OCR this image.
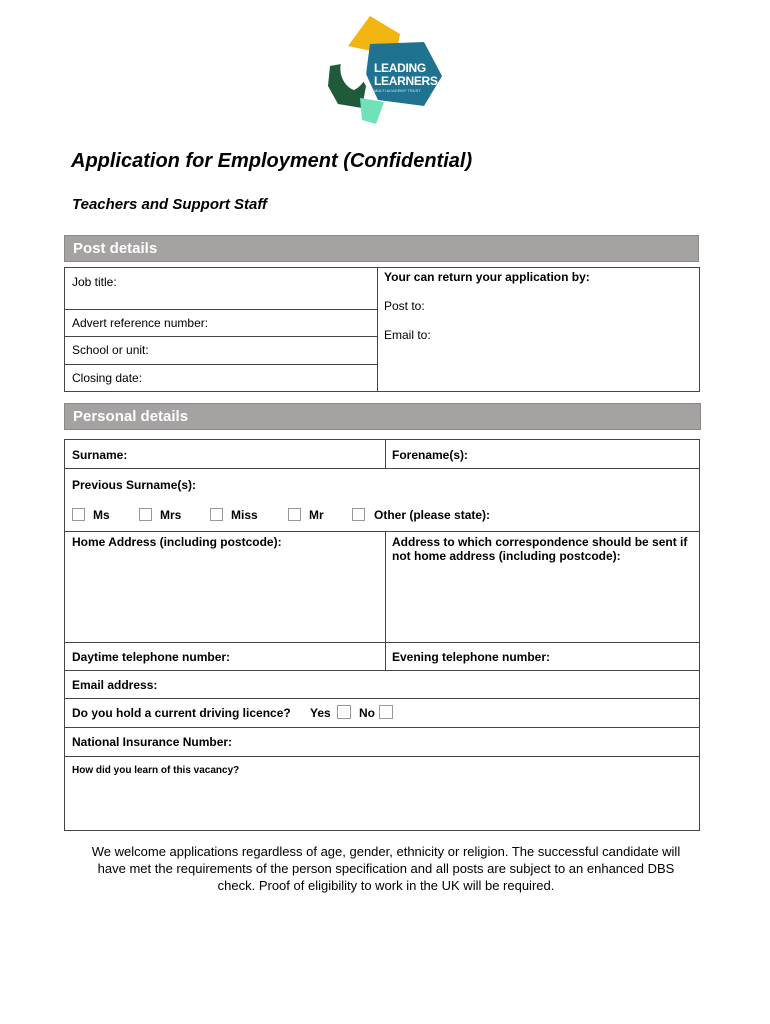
LEADING
LEARNERS
MULTI ACADEMY TRUST
Application for Employment (Confidential)
Teachers and Support Staff
Post details
Job title:
Advert reference number:
School or unit:
Closing date:
Your can return your application by:
Post to:
Email to:
Personal details
Surname:	Forename(s):
Previous Surname(s):
Ms	Mrs	Miss	Mr	Other (please state):
Home Address (including postcode):	Address to which correspondence should be sent if not home address (including postcode):
Daytime telephone number:	Evening telephone number:
Email address:
Do you hold a current driving licence? Yes No
National Insurance Number:
How did you learn of this vacancy?
We welcome applications regardless of age, gender, ethnicity or religion. The successful candidate will have met the requirements of the person specification and all posts are subject to an enhanced DBS check. Proof of eligibility to work in the UK will be required.
